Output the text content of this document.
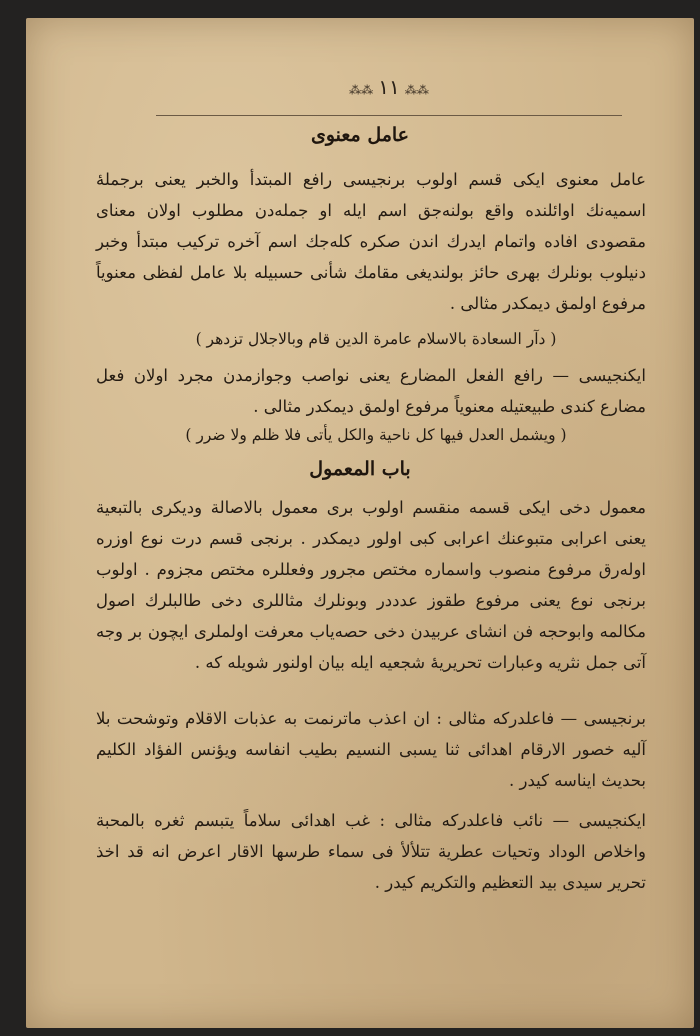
⁂⁂ ١١ ⁂⁂
عامل معنوى
عامل معنوى ايكى قسم اولوب برنجيسى رافع المبتدأ والخبر يعنى برجملهٔ اسميه‌نك اوائلنده واقع بولنه‌جق اسم ايله او جمله‌دن مطلوب اولان معناى مقصودى افاده واتمام ايدرك اندن صكره كله‌جك اسم آخره تركيب مبتدأ وخبر دنيلوب بونلرك بهرى حائز بولنديغى مقامك شأنى حسبيله بلا عامل لفظى معنوياً مرفوع اولمق ديمكدر مثالى .
( دآر السعادة بالاسلام عامرة الدين قام وبالاجلال تزدهر )
ايكنجيسى — رافع الفعل المضارع يعنى نواصب وجوازمدن مجرد اولان فعل مضارع كندى طبيعتيله معنوياً مرفوع اولمق ديمكدر مثالى .
( ويشمل العدل فيها كل ناحية والكل يأتى فلا ظلم ولا ضرر )
باب المعمول
معمول دخى ايكى قسمه منقسم اولوب برى معمول بالاصالة وديكرى بالتبعية يعنى اعرابى متبوعنك اعرابى كبى اولور ديمكدر . برنجى قسم درت نوع اوزره اوله‌رق مرفوع منصوب واسماره مختص مجرور وفعللره مختص مجزوم . اولوب برنجى نوع يعنى مرفوع طقوز عدددر وبونلرك مثاللرى دخى طالبلرك اصول مكالمه وابوحجه فن انشاى عربيدن دخى حصه‌ياب معرفت اولملرى ايچون بر وجه آتى جمل نثريه وعبارات تحريريهٔ شجعيه ايله بيان اولنور شويله كه .
برنجيسى — فاعلدركه مثالى : ان اعذب ماترنمت به عذبات الاقلام وتوشحت بلا آليه خصور الارقام اهدائى ثنا يسبى النسيم بطيب انفاسه ويؤنس الفؤاد الكليم بحديث ايناسه كيدر .
ايكنجيسى — نائب فاعلدركه مثالى : غب اهدائى سلاماً يتبسم ثغره بالمحبة واخلاص الوداد وتحيات عطرية تتلألأ فى سماء طرسها الاقار اعرض انه قد اخذ تحرير سيدى بيد التعظيم والتكريم كيدر .
